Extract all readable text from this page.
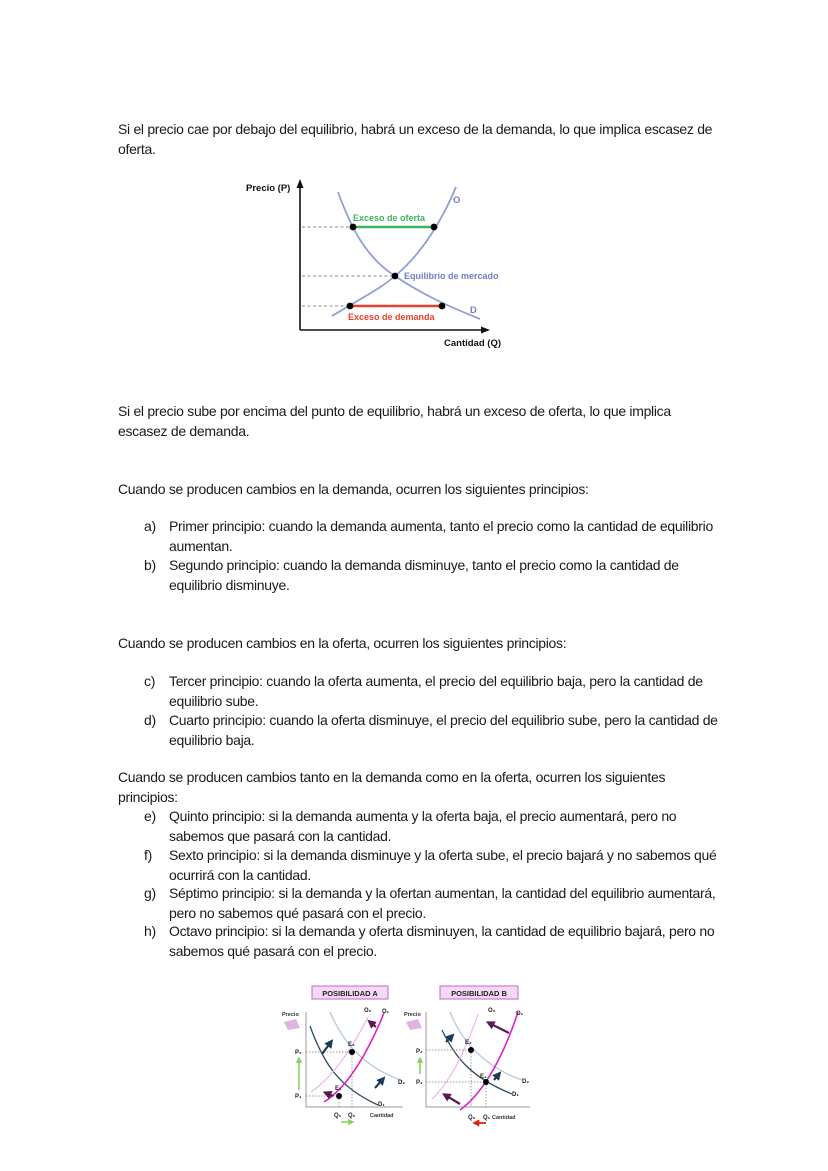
Si el precio cae por debajo del equilibrio, habrá un exceso de la demanda, lo que implica escasez de oferta.
Precio (P)
Cantidad (Q)
Exceso de oferta
Equilibrio de mercado
Exceso de demanda
O
D
Si el precio sube por encima del punto de equilibrio, habrá un exceso de oferta, lo que implica escasez de demanda.
Cuando se producen cambios en la demanda, ocurren los siguientes principios:
a) Primer principio: cuando la demanda aumenta, tanto el precio como la cantidad de equilibrio aumentan.
b) Segundo principio: cuando la demanda disminuye, tanto el precio como la cantidad de equilibrio disminuye.
Cuando se producen cambios en la oferta, ocurren los siguientes principios:
c) Tercer principio: cuando la oferta aumenta, el precio del equilibrio baja, pero la cantidad de equilibrio sube.
d) Cuarto principio: cuando la oferta disminuye, el precio del equilibrio sube, pero la cantidad de equilibrio baja.
Cuando se producen cambios tanto en la demanda como en la oferta, ocurren los siguientes principios:
e) Quinto principio: si la demanda aumenta y la oferta baja, el precio aumentará, pero no sabemos que pasará con la cantidad.
f)	Sexto principio: si la demanda disminuye y la oferta sube, el precio bajará y no sabemos qué ocurrirá con la cantidad.
g) Séptimo principio: si la demanda y la ofertan aumentan, la cantidad del equilibrio aumentará, pero no sabemos qué pasará con el precio.
h) Octavo principio: si la demanda y oferta disminuyen, la cantidad de equilibrio bajará, pero no sabemos qué pasará con el precio.
POSIBILIDAD A
Precio
O₂ O₁
E₂
E₁
D₂
D₁
P₂
P₁
Q₁ Q₂	Cantidad
POSIBILIDAD B
Precio
O₂	O₁
E₂
E₁
D₂
D₁
P₂
P₁
Q₂ Q₁ Cantidad
